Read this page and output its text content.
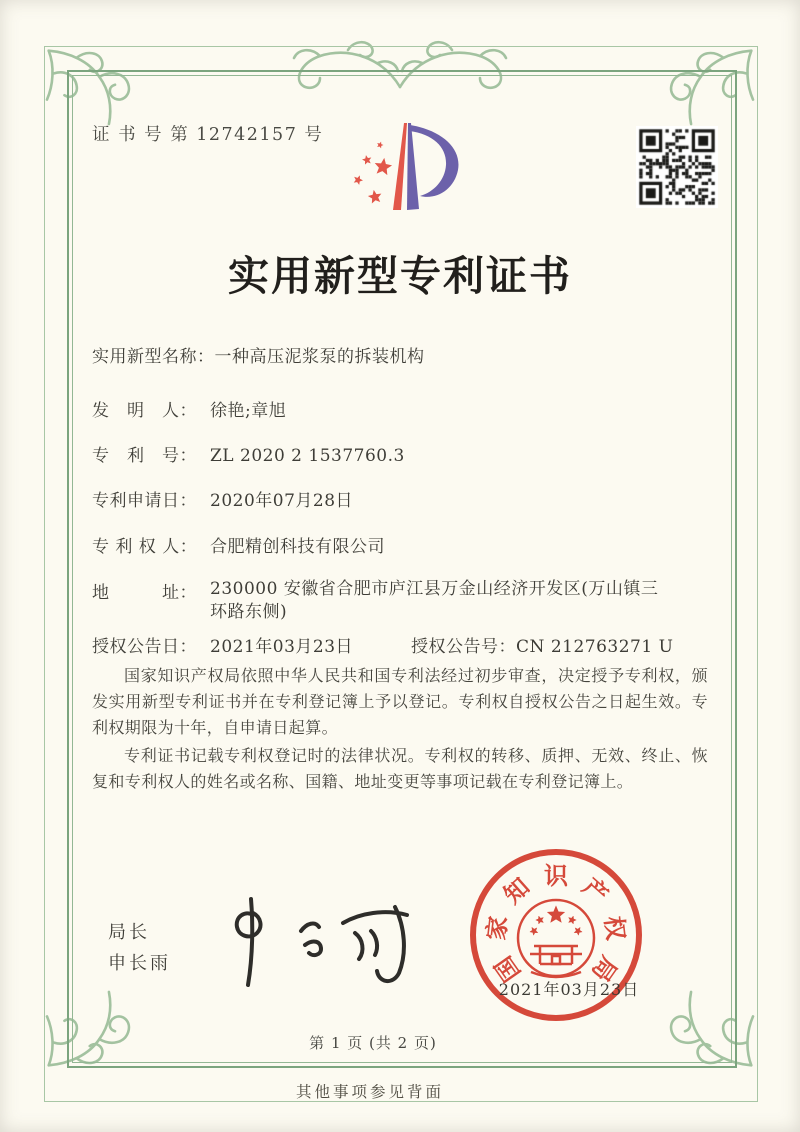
证 书 号 第 12742157 号
实用新型专利证书
实用新型名称：一种高压泥浆泵的拆装机构
发　明　人： 徐艳;章旭
专　利　号： ZL 2020 2 1537760.3
专利申请日： 2020年07月28日
专 利 权 人： 合肥精创科技有限公司
地　　　址： 230000 安徽省合肥市庐江县万金山经济开发区(万山镇三
环路东侧)
授权公告日： 2021年03月23日	授权公告号：CN 212763271 U

国家知识产权局依照中华人民共和国专利法经过初步审查，决定授予专利权，颁发实用新型专利证书并在专利登记簿上予以登记。专利权自授权公告之日起生效。专利权期限为十年，自申请日起算。

专利证书记载专利权登记时的法律状况。专利权的转移、质押、无效、终止、恢复和专利权人的姓名或名称、国籍、地址变更等事项记载在专利登记簿上。

局长
申长雨	国
家
知 识 产
权
局
2021年03月23日
第 1 页 (共 2 页)
其他事项参见背面
